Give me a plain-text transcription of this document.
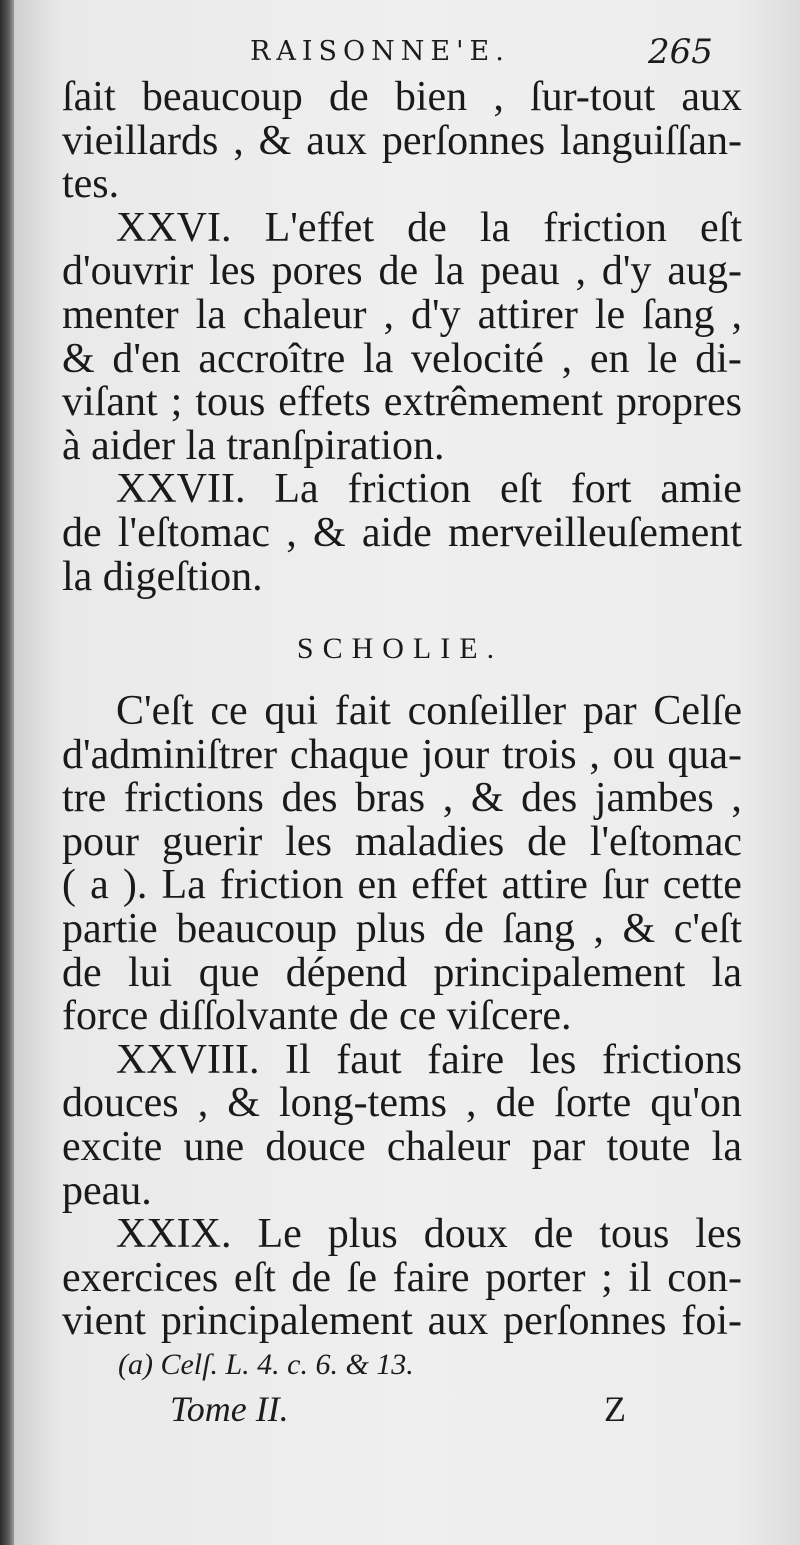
RAISONNE'E.	265
ſait beaucoup de bien , ſur-tout aux
vieillards , & aux perſonnes languiſſan-
tes.
XXVI. L'effet de la friction eſt
d'ouvrir les pores de la peau , d'y aug-
menter la chaleur , d'y attirer le ſang ,
& d'en accroître la velocité , en le di-
viſant ; tous effets extrêmement propres
à aider la tranſpiration.
XXVII. La friction eſt fort amie
de l'eſtomac , & aide merveilleuſement
la digeſtion.
SCHOLIE.
C'eſt ce qui fait conſeiller par Celſe
d'adminiſtrer chaque jour trois , ou qua-
tre frictions des bras , & des jambes ,
pour guerir les maladies de l'eſtomac
( a ). La friction en effet attire ſur cette
partie beaucoup plus de ſang , & c'eſt
de lui que dépend principalement la
force diſſolvante de ce viſcere.
XXVIII. Il faut faire les frictions
douces , & long-tems , de ſorte qu'on
excite une douce chaleur par toute la
peau.
XXIX. Le plus doux de tous les
exercices eſt de ſe faire porter ; il con-
vient principalement aux perſonnes foi-
(a) Celſ. L. 4. c. 6. & 13.
Tome II.	Z
